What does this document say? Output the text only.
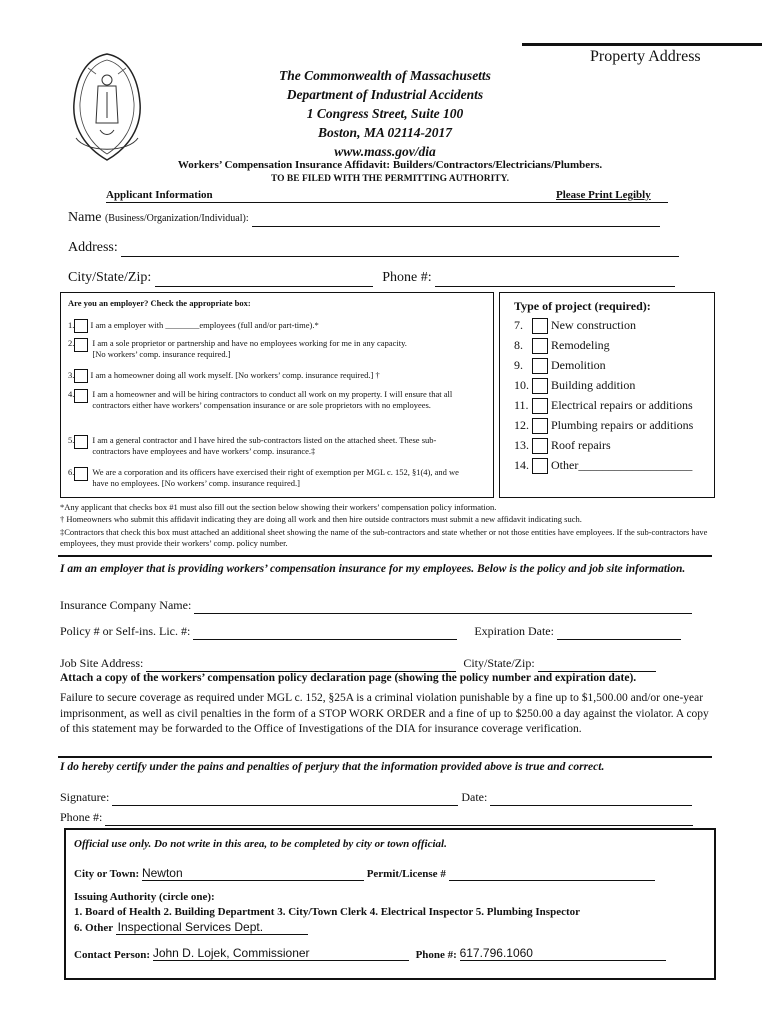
Property Address
The Commonwealth of Massachusetts
Department of Industrial Accidents
1 Congress Street, Suite 100
Boston, MA 02114-2017
www.mass.gov/dia
Workers’ Compensation Insurance Affidavit: Builders/Contractors/Electricians/Plumbers.
TO BE FILED WITH THE PERMITTING AUTHORITY.
Applicant Information	Please Print Legibly
Name (Business/Organization/Individual):
Address:
City/State/Zip:	Phone #:
Are you an employer? Check the appropriate box:
1. I am a employer with ________employees (full and/or part-time).*
2. I am a sole proprietor or partnership and have no employees working for me in any capacity. [No workers’ comp. insurance required.]
3. I am a homeowner doing all work myself. [No workers’ comp. insurance required.] †
4. I am a homeowner and will be hiring contractors to conduct all work on my property. I will ensure that all contractors either have workers’ compensation insurance or are sole proprietors with no employees.
5. I am a general contractor and I have hired the sub-contractors listed on the attached sheet. These sub-contractors have employees and have workers’ comp. insurance.‡
6. We are a corporation and its officers have exercised their right of exemption per MGL c. 152, §1(4), and we have no employees. [No workers’ comp. insurance required.]
Type of project (required):
7. New construction
8. Remodeling
9. Demolition
10. Building addition
11. Electrical repairs or additions
12. Plumbing repairs or additions
13. Roof repairs
14. Other___________________
*Any applicant that checks box #1 must also fill out the section below showing their workers’ compensation policy information.
† Homeowners who submit this affidavit indicating they are doing all work and then hire outside contractors must submit a new affidavit indicating such.
‡Contractors that check this box must attached an additional sheet showing the name of the sub-contractors and state whether or not those entities have employees. If the sub-contractors have employees, they must provide their workers’ comp. policy number.
I am an employer that is providing workers’ compensation insurance for my employees. Below is the policy and job site information.
Insurance Company Name:
Policy # or Self-ins. Lic. #:	Expiration Date:
Job Site Address:	City/State/Zip:
Attach a copy of the workers’ compensation policy declaration page (showing the policy number and expiration date).
Failure to secure coverage as required under MGL c. 152, §25A is a criminal violation punishable by a fine up to $1,500.00 and/or one-year imprisonment, as well as civil penalties in the form of a STOP WORK ORDER and a fine of up to $250.00 a day against the violator. A copy of this statement may be forwarded to the Office of Investigations of the DIA for insurance coverage verification.
I do hereby certify under the pains and penalties of perjury that the information provided above is true and correct.
Signature:	Date:
Phone #:
Official use only. Do not write in this area, to be completed by city or town official.
City or Town: Newton	Permit/License #
Issuing Authority (circle one):
1. Board of Health 2. Building Department 3. City/Town Clerk 4. Electrical Inspector 5. Plumbing Inspector
6. Other Inspectional Services Dept.
Contact Person: John D. Lojek, Commissioner	Phone #: 617.796.1060
